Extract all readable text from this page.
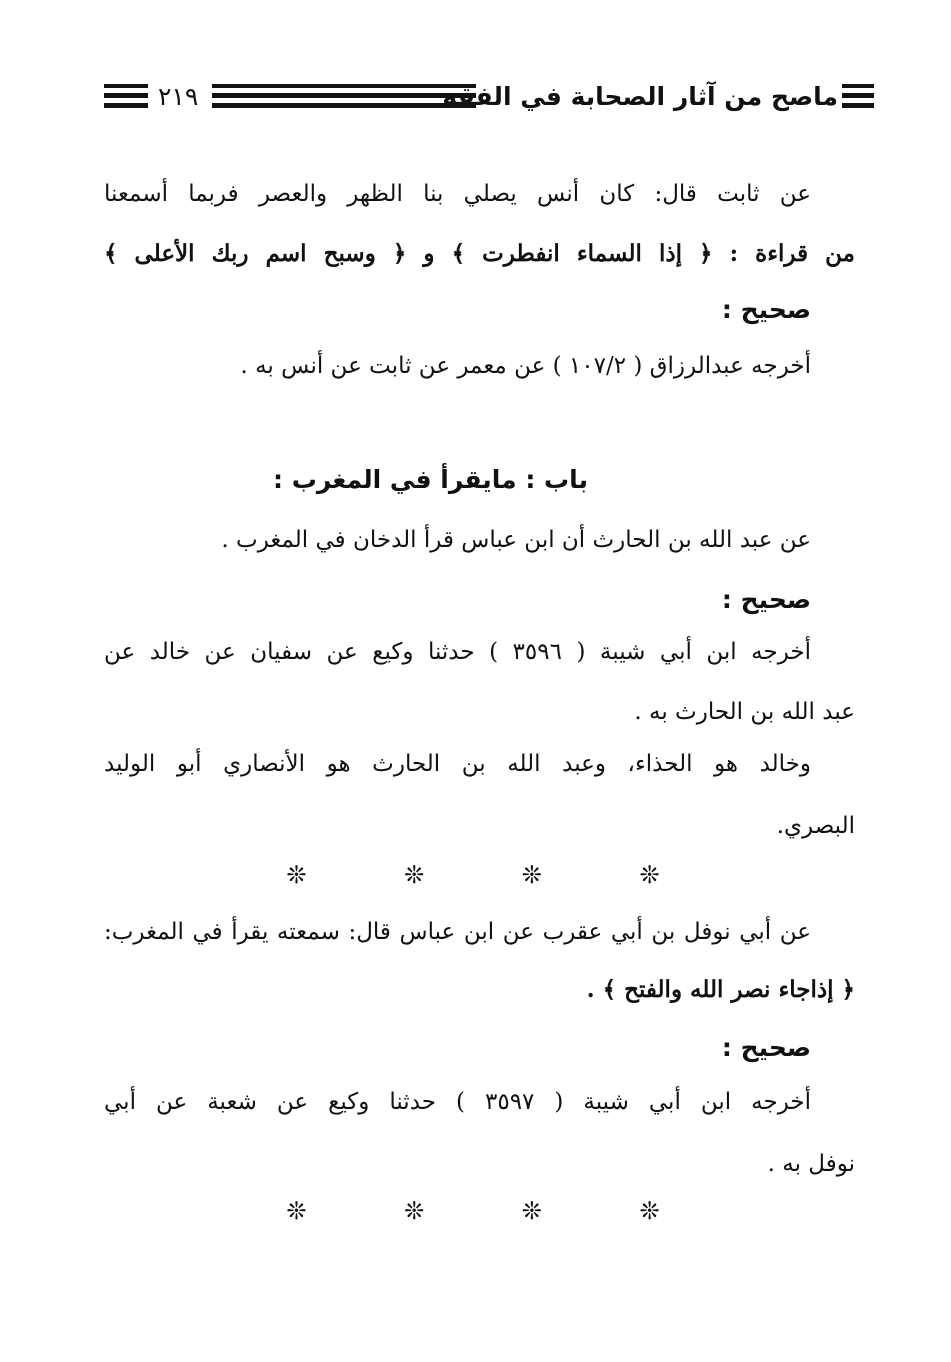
٢١٩	ماصح من آثار الصحابة في الفقه
عن ثابت قال: كان أنس يصلي بنا الظهر والعصر فربما أسمعنا
من قراءة : ﴿ إذا السماء انفطرت ﴾ و ﴿ وسبح اسم ربك الأعلى ﴾
صحيح :
أخرجه عبدالرزاق ( ١٠٧/٢ ) عن معمر عن ثابت عن أنس به .
باب : مايقرأ في المغرب :
عن عبد الله بن الحارث أن ابن عباس قرأ الدخان في المغرب .
صحيح :
أخرجه ابن أبي شيبة ( ٣٥٩٦ ) حدثنا وكيع عن سفيان عن خالد عن
عبد الله بن الحارث به .
وخالد هو الحذاء، وعبد الله بن الحارث هو الأنصاري أبو الوليد
البصري.
❊ ❊ ❊ ❊
عن أبي نوفل بن أبي عقرب عن ابن عباس قال: سمعته يقرأ في المغرب:
﴿ إذاجاء نصر الله والفتح ﴾ .
صحيح :
أخرجه ابن أبي شيبة ( ٣٥٩٧ ) حدثنا وكيع عن شعبة عن أبي
نوفل به .
❊ ❊ ❊ ❊
